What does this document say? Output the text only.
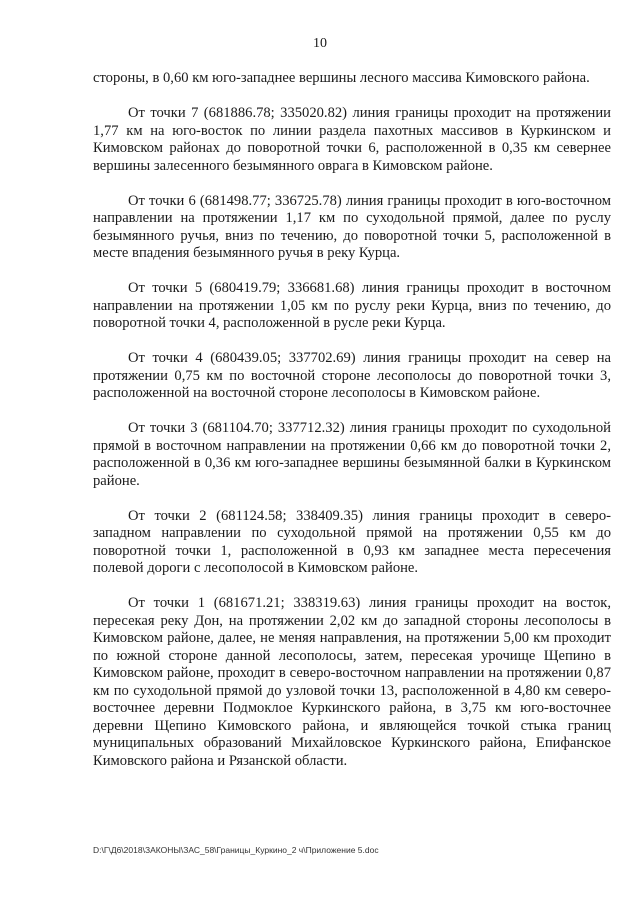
10

стороны, в 0,60 км юго-западнее вершины лесного массива Кимовского района.

От точки 7 (681886.78; 335020.82) линия границы проходит на протяжении 1,77 км на юго-восток по линии раздела пахотных массивов в Куркинском и Кимовском районах до поворотной точки 6, расположенной в 0,35 км севернее вершины залесенного безымянного оврага в Кимовском районе.

От точки 6 (681498.77; 336725.78) линия границы проходит в юго-восточном направлении на протяжении 1,17 км по суходольной прямой, далее по руслу безымянного ручья, вниз по течению, до поворотной точки 5, расположенной в месте впадения безымянного ручья в реку Курца.

От точки 5 (680419.79; 336681.68) линия границы проходит в восточном направлении на протяжении 1,05 км по руслу реки Курца, вниз по течению, до поворотной точки 4, расположенной в русле реки Курца.

От точки 4 (680439.05; 337702.69) линия границы проходит на север на протяжении 0,75 км по восточной стороне лесополосы до поворотной точки 3, расположенной на восточной стороне лесополосы в Кимовском районе.

От точки 3 (681104.70; 337712.32) линия границы проходит по суходольной прямой в восточном направлении на протяжении 0,66 км до поворотной точки 2, расположенной в 0,36 км юго-западнее вершины безымянной балки в Куркинском районе.

От точки 2 (681124.58; 338409.35) линия границы проходит в северо-западном направлении по суходольной прямой на протяжении 0,55 км до поворотной точки 1, расположенной в 0,93 км западнее места пересечения полевой дороги с лесополосой в Кимовском районе.

От точки 1 (681671.21; 338319.63) линия границы проходит на восток, пересекая реку Дон, на протяжении 2,02 км до западной стороны лесополосы в Кимовском районе, далее, не меняя направления, на протяжении 5,00 км проходит по южной стороне данной лесополосы, затем, пересекая урочище Щепино в Кимовском районе, проходит в северо-восточном направлении на протяжении 0,87 км по суходольной прямой до узловой точки 13, расположенной в 4,80 км северо-восточнее деревни Подмоклое Куркинского района, в 3,75 км юго-восточнее деревни Щепино Кимовского района, и являющейся точкой стыка границ муниципальных образований Михайловское Куркинского района, Епифанское Кимовского района и Рязанской области.

D:\Г\Д6\2018\ЗАКОНЫ\ЗАС_58\Границы_Куркино_2 ч\Приложение 5.doc
